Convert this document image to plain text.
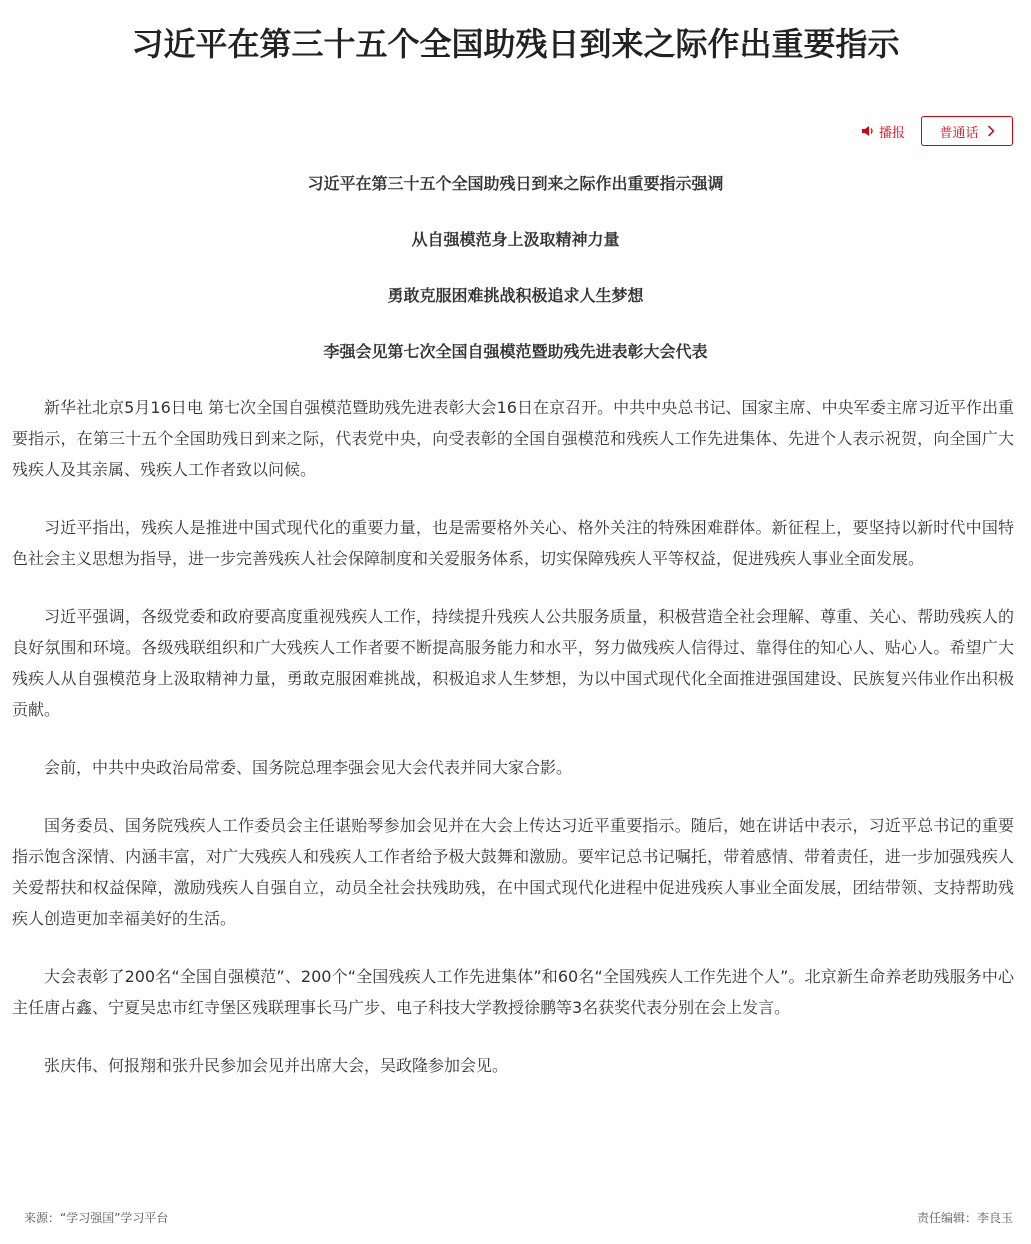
习近平在第三十五个全国助残日到来之际作出重要指示
播报	普通话

习近平在第三十五个全国助残日到来之际作出重要指示强调

从自强模范身上汲取精神力量

勇敢克服困难挑战积极追求人生梦想

李强会见第七次全国自强模范暨助残先进表彰大会代表

新华社北京5月16日电 第七次全国自强模范暨助残先进表彰大会16日在京召开。中共中央总书记、国家主席、中央军委主席习近平作出重要指示，在第三十五个全国助残日到来之际，代表党中央，向受表彰的全国自强模范和残疾人工作先进集体、先进个人表示祝贺，向全国广大残疾人及其亲属、残疾人工作者致以问候。

习近平指出，残疾人是推进中国式现代化的重要力量，也是需要格外关心、格外关注的特殊困难群体。新征程上，要坚持以新时代中国特色社会主义思想为指导，进一步完善残疾人社会保障制度和关爱服务体系，切实保障残疾人平等权益，促进残疾人事业全面发展。

习近平强调，各级党委和政府要高度重视残疾人工作，持续提升残疾人公共服务质量，积极营造全社会理解、尊重、关心、帮助残疾人的良好氛围和环境。各级残联组织和广大残疾人工作者要不断提高服务能力和水平，努力做残疾人信得过、靠得住的知心人、贴心人。希望广大残疾人从自强模范身上汲取精神力量，勇敢克服困难挑战，积极追求人生梦想，为以中国式现代化全面推进强国建设、民族复兴伟业作出积极贡献。

会前，中共中央政治局常委、国务院总理李强会见大会代表并同大家合影。

国务委员、国务院残疾人工作委员会主任谌贻琴参加会见并在大会上传达习近平重要指示。随后，她在讲话中表示，习近平总书记的重要指示饱含深情、内涵丰富，对广大残疾人和残疾人工作者给予极大鼓舞和激励。要牢记总书记嘱托，带着感情、带着责任，进一步加强残疾人关爱帮扶和权益保障，激励残疾人自强自立，动员全社会扶残助残，在中国式现代化进程中促进残疾人事业全面发展，团结带领、支持帮助残疾人创造更加幸福美好的生活。

大会表彰了200名“全国自强模范”、200个“全国残疾人工作先进集体”和60名“全国残疾人工作先进个人”。北京新生命养老助残服务中心主任唐占鑫、宁夏吴忠市红寺堡区残联理事长马广步、电子科技大学教授徐鹏等3名获奖代表分别在会上发言。

张庆伟、何报翔和张升民参加会见并出席大会，吴政隆参加会见。

来源：“学习强国”学习平台	责任编辑：李良玉
